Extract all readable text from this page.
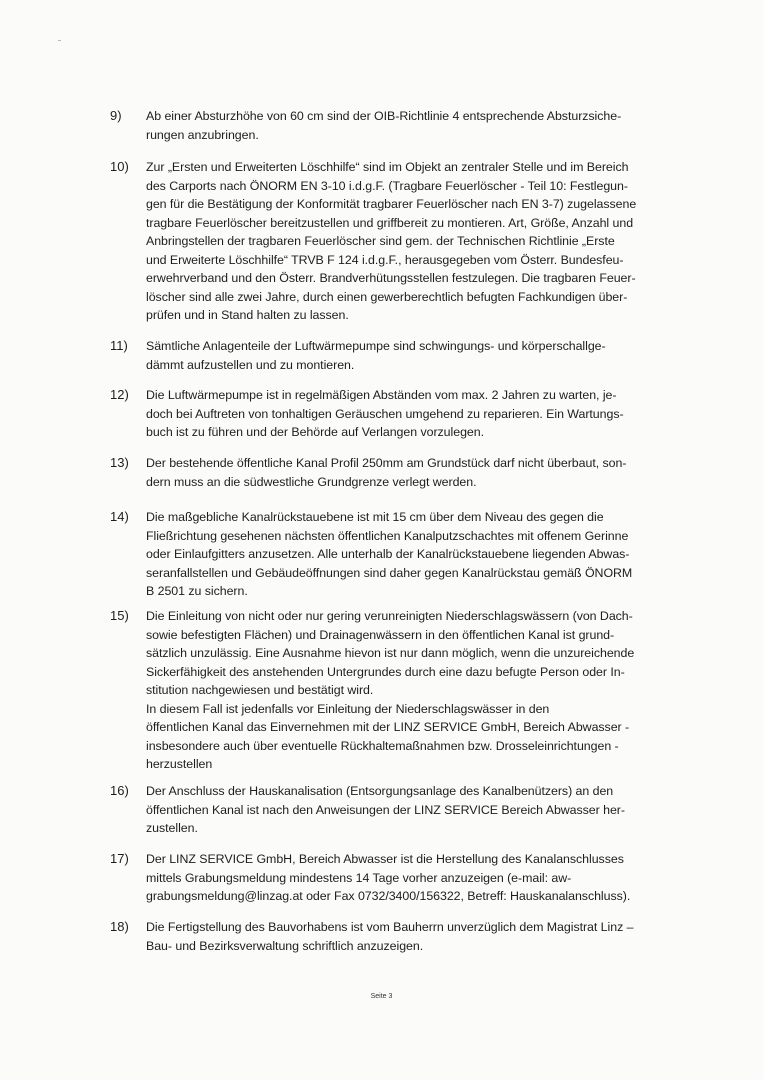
9)	Ab einer Absturzhöhe von 60 cm sind der OIB-Richtlinie 4 entsprechende Absturzsiche-
rungen anzubringen.
10)	Zur „Ersten und Erweiterten Löschhilfe“ sind im Objekt an zentraler Stelle und im Bereich
des Carports nach ÖNORM EN 3-10 i.d.g.F. (Tragbare Feuerlöscher - Teil 10: Festlegun-
gen für die Bestätigung der Konformität tragbarer Feuerlöscher nach EN 3-7) zugelassene
tragbare Feuerlöscher bereitzustellen und griffbereit zu montieren. Art, Größe, Anzahl und
Anbringstellen der tragbaren Feuerlöscher sind gem. der Technischen Richtlinie „Erste
und Erweiterte Löschhilfe“ TRVB F 124 i.d.g.F., herausgegeben vom Österr. Bundesfeu-
erwehrverband und den Österr. Brandverhütungsstellen festzulegen. Die tragbaren Feuer-
löscher sind alle zwei Jahre, durch einen gewerberechtlich befugten Fachkundigen über-
prüfen und in Stand halten zu lassen.
11)	Sämtliche Anlagenteile der Luftwärmepumpe sind schwingungs- und körperschallge-
dämmt aufzustellen und zu montieren.
12)	Die Luftwärmepumpe ist in regelmäßigen Abständen vom max. 2 Jahren zu warten, je-
doch bei Auftreten von tonhaltigen Geräuschen umgehend zu reparieren. Ein Wartungs-
buch ist zu führen und der Behörde auf Verlangen vorzulegen.
13)	Der bestehende öffentliche Kanal Profil 250mm am Grundstück darf nicht überbaut, son-
dern muss an die südwestliche Grundgrenze verlegt werden.
14)	Die maßgebliche Kanalrückstauebene ist mit 15 cm über dem Niveau des gegen die
Fließrichtung gesehenen nächsten öffentlichen Kanalputzschachtes mit offenem Gerinne
oder Einlaufgitters anzusetzen. Alle unterhalb der Kanalrückstauebene liegenden Abwas-
seranfallstellen und Gebäudeöffnungen sind daher gegen Kanalrückstau gemäß ÖNORM
B 2501 zu sichern.
15)	Die Einleitung von nicht oder nur gering verunreinigten Niederschlagswässern (von Dach-
sowie befestigten Flächen) und Drainagenwässern in den öffentlichen Kanal ist grund-
sätzlich unzulässig. Eine Ausnahme hievon ist nur dann möglich, wenn die unzureichende
Sickerfähigkeit des anstehenden Untergrundes durch eine dazu befugte Person oder In-
stitution nachgewiesen und bestätigt wird.
In diesem Fall ist jedenfalls vor Einleitung der Niederschlagswässer in den
öffentlichen Kanal das Einvernehmen mit der LINZ SERVICE GmbH, Bereich Abwasser -
insbesondere auch über eventuelle Rückhaltemaßnahmen bzw. Drosseleinrichtungen -
herzustellen
16)	Der Anschluss der Hauskanalisation (Entsorgungsanlage des Kanalbenützers) an den
öffentlichen Kanal ist nach den Anweisungen der LINZ SERVICE Bereich Abwasser her-
zustellen.
17)	Der LINZ SERVICE GmbH, Bereich Abwasser ist die Herstellung des Kanalanschlusses
mittels Grabungsmeldung mindestens 14 Tage vorher anzuzeigen (e-mail: aw-
grabungsmeldung@linzag.at oder Fax 0732/3400/156322, Betreff: Hauskanalanschluss).
18)	Die Fertigstellung des Bauvorhabens ist vom Bauherrn unverzüglich dem Magistrat Linz –
Bau- und Bezirksverwaltung schriftlich anzuzeigen.
Seite 3
